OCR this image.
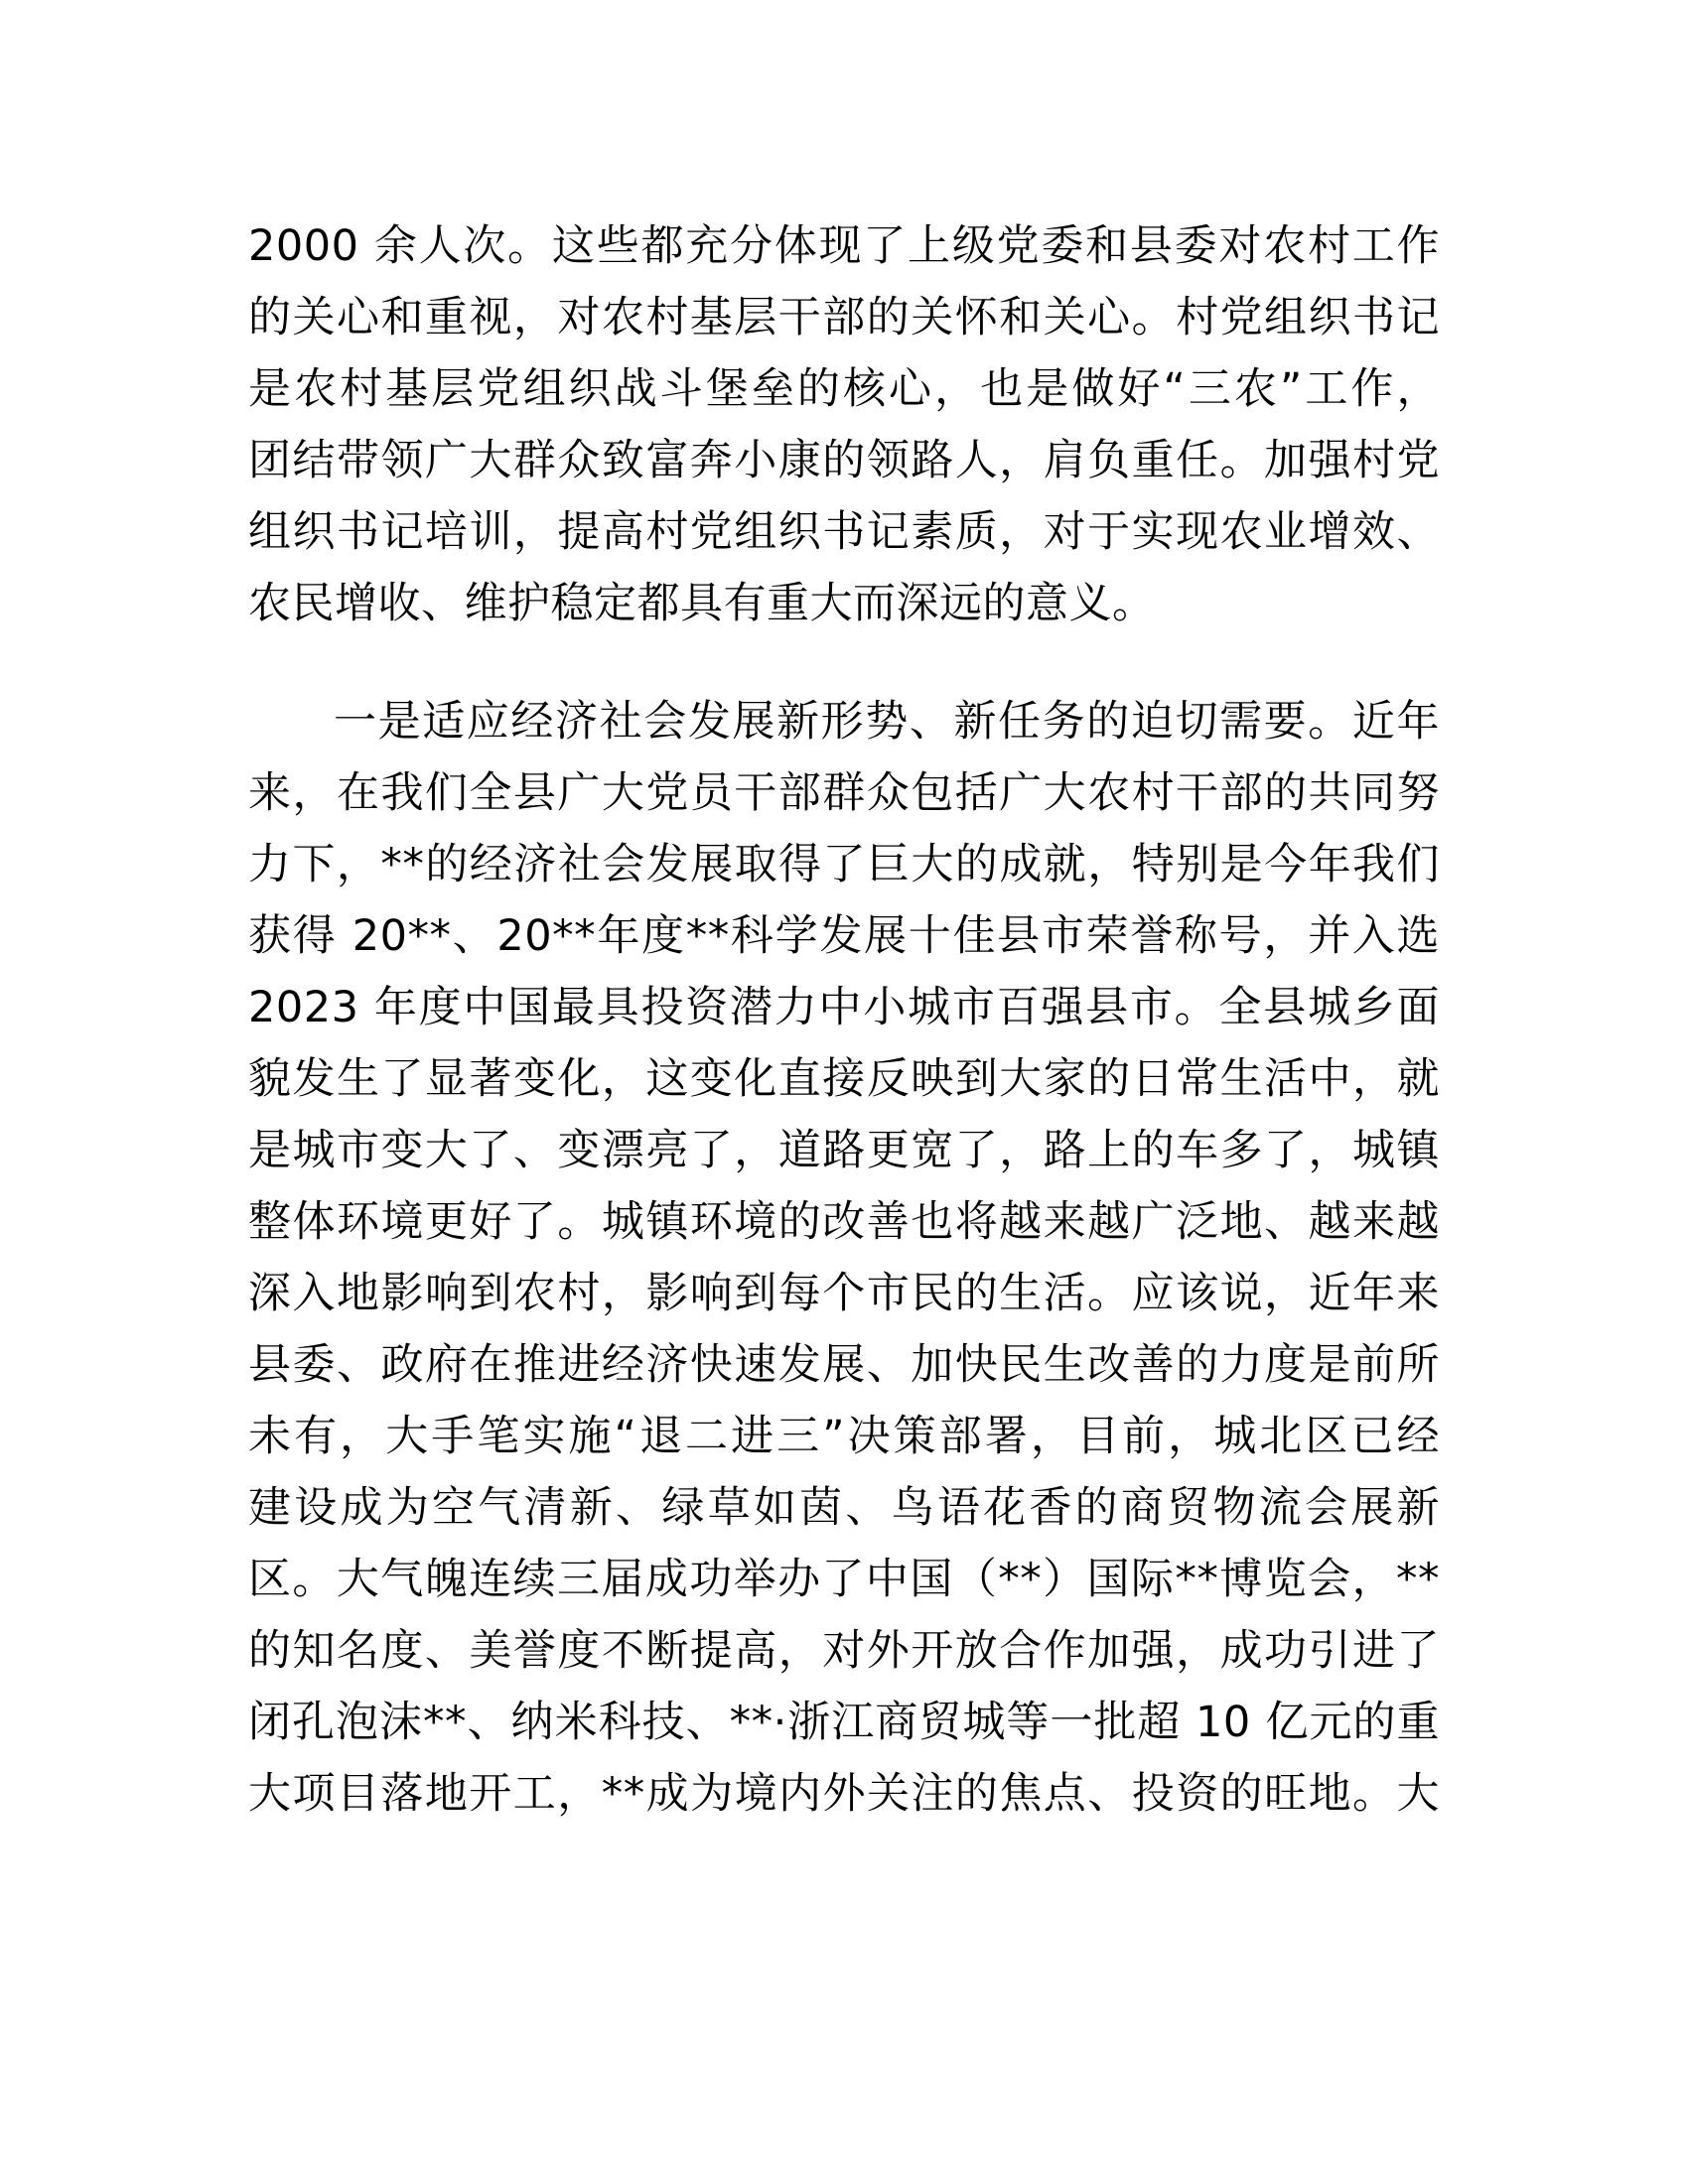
2000 余人次。这些都充分体现了上级党委和县委对农村工作
的关心和重视，对农村基层干部的关怀和关心。村党组织书记
是农村基层党组织战斗堡垒的核心，也是做好“三农”工作，
团结带领广大群众致富奔小康的领路人，肩负重任。加强村党
组织书记培训，提高村党组织书记素质，对于实现农业增效、
农民增收、维护稳定都具有重大而深远的意义。
一是适应经济社会发展新形势、新任务的迫切需要。近年
来，在我们全县广大党员干部群众包括广大农村干部的共同努
力下，**的经济社会发展取得了巨大的成就，特别是今年我们
获得 20**、20**年度**科学发展十佳县市荣誉称号，并入选
2023 年度中国最具投资潜力中小城市百强县市。全县城乡面
貌发生了显著变化，这变化直接反映到大家的日常生活中，就
是城市变大了、变漂亮了，道路更宽了，路上的车多了，城镇
整体环境更好了。城镇环境的改善也将越来越广泛地、越来越
深入地影响到农村，影响到每个市民的生活。应该说，近年来
县委、政府在推进经济快速发展、加快民生改善的力度是前所
未有，大手笔实施“退二进三”决策部署，目前，城北区已经
建设成为空气清新、绿草如茵、鸟语花香的商贸物流会展新
区。大气魄连续三届成功举办了中国（**）国际**博览会，**
的知名度、美誉度不断提高，对外开放合作加强，成功引进了
闭孔泡沫**、纳米科技、**·浙江商贸城等一批超 10 亿元的重
大项目落地开工，**成为境内外关注的焦点、投资的旺地。大
